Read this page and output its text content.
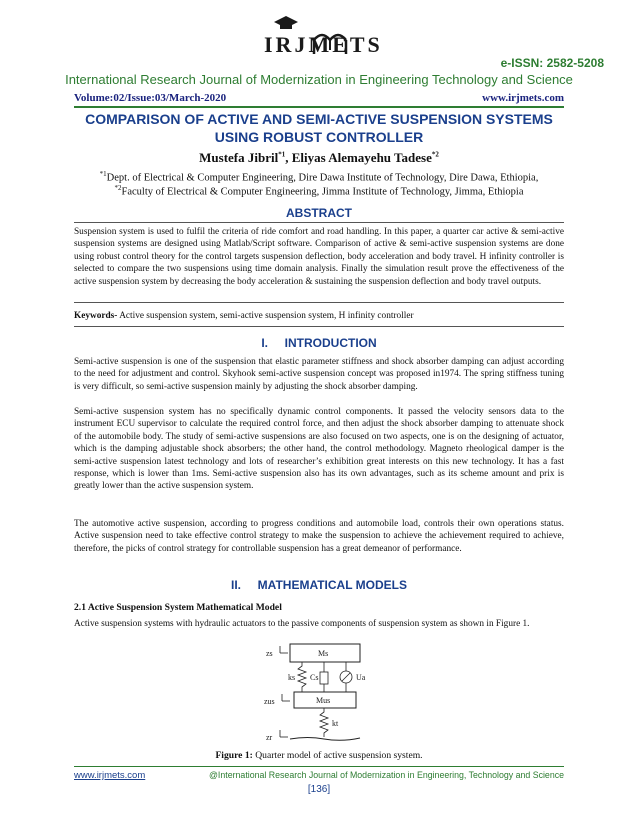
IRJMETS
e-ISSN: 2582-5208
International Research Journal of Modernization in Engineering Technology and Science
Volume:02/Issue:03/March-2020	www.irjmets.com
COMPARISON OF ACTIVE AND SEMI-ACTIVE SUSPENSION SYSTEMS
USING ROBUST CONTROLLER
Mustefa Jibril$^{*1}$, Eliyas Alemayehu Tadese$^{*2}$
$^{*1}$Dept. of Electrical & Computer Engineering, Dire Dawa Institute of Technology, Dire Dawa, Ethiopia,
$^{*2}$Faculty of Electrical & Computer Engineering, Jimma Institute of Technology, Jimma, Ethiopia
ABSTRACT
Suspension system is used to fulfil the criteria of ride comfort and road handling. In this paper, a quarter car active & semi-active suspension systems are designed using Matlab/Script software. Comparison of active & semi-active suspension systems are done using robust control theory for the control targets suspension deflection, body acceleration and body travel. H infinity controller is selected to compare the two suspensions using time domain analysis. Finally the simulation result prove the effectiveness of the active suspension system by decreasing the body acceleration & sustaining the suspension deflection and body travel outputs.
Keywords- Active suspension system, semi-active suspension system, H infinity controller
I.     INTRODUCTION
Semi-active suspension is one of the suspension that elastic parameter stiffness and shock absorber damping can adjust according to the need for adjustment and control. Skyhook semi-active suspension concept was proposed in1974. The spring stiffness tuning is very difficult, so semi-active suspension mainly by adjusting the shock absorber damping.
Semi-active suspension system has no specifically dynamic control components. It passed the velocity sensors data to the instrument ECU supervisor to calculate the required control force, and then adjust the shock absorber damping to attenuate shock of the automobile body. The study of semi-active suspensions are also focused on two aspects, one is on the designing of actuator, which is the damping adjustable shock absorbers; the other hand, the control methodology. Magneto rheological damper is the semi-active suspension latest technology and lots of researcher’s exhibition great interests on this new technology. It has a fast response, which is lower than 1ms. Semi-active suspension also has its own advantages, such as its scheme amount and prix is greatly lower than the active suspension system.
The automotive active suspension, according to progress conditions and automobile load, controls their own operations status. Active suspension need to take effective control strategy to make the suspension to achieve the achievement required to achieve, therefore, the picks of control strategy for controllable suspension has a great demeanor of performance.
II.     MATHEMATICAL MODELS
2.1 Active Suspension System Mathematical Model
Active suspension systems with hydraulic actuators to the passive components of suspension system as shown in Figure 1.
zs	Ms
ks Cs	Ua
zus	Mus
kt
zr
Figure 1: Quarter model of active suspension system.
www.irjmets.com	@International Research Journal of Modernization in Engineering, Technology and Science
[136]
